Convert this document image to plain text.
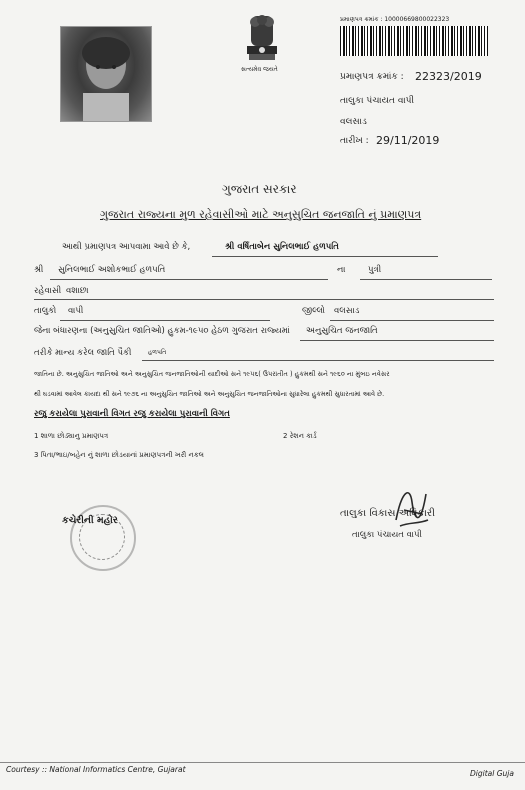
સત્યમેવ જયતે
પ્રમાણપત્ર ક્રમાંક : 10000669800022323
પ્રમાણપત્ર ક્રમાંક : 22323/2019
તાલુકા પંચાયત વાપી
વલસાડ
તારીખ : 29/11/2019
ગુજરાત સરકાર
ગુજરાત રાજ્યના મુળ રહેવાસીઓ માટે અનુસુચિત જનજાતિ નું પ્રમાણપત્ર
આથી પ્રમાણપત્ર આપવામા આવે છે કે,	શ્રી વર્ષિતાબેન સુનિલભાઈ હળપતિ
શ્રી સુનિલભાઈ અશોકભાઈ હળપતિ	ના	પુત્રી
રહેવાસી વશાછા
તાલુકો વાપી	જીલ્લો વલસાડ
જેના બંધારણના (અનુસુચિત જાતિઓ) હુકમ-૧૯૫૦ હેઠળ ગુજરાત રાજ્યમાં અનુસુચિત જનજાતિ
તરીકે માન્ય કરેલ જાતિ પૈકી	હળપતિ
જાતિના છે. અનુસુચિત જાતિઓ અને અનુસુચિત જનજાતિઓની યાદીઓ સને ૧૯૫૬( ઉપરાંતીત ) હુકમથી સને ૧૯૬૦ ના મુંબઇ નવેસર
થી ઘડવામાં આવેલ કાયદા થી સને ૧૯૭૬ ના અનુસુચિત જાતિઓ અને અનુસુચિત જનજાતિઓના સુધારેલા હુકમથી સુધારતામાં આવે છે.
રજુ કરાયેલા પુરાવાની વિગત રજુ કરાયેલા પુરાવાની વિગત
1 શાળા છોડ્યાનુ પ્રમાણપત્ર	2 રેશન કાર્ડ
3 પિતા/ભાઇ/બહેન નું શાળા છોડયાનાં પ્રમાણપત્રની ખરી નકલ
કચેરીની મહોર
તાલુકા વિકાસ અધિકારી
તાલુકા પંચાયત વાપી
Courtesy :: National Informatics Centre, Gujarat	Digital Guja
